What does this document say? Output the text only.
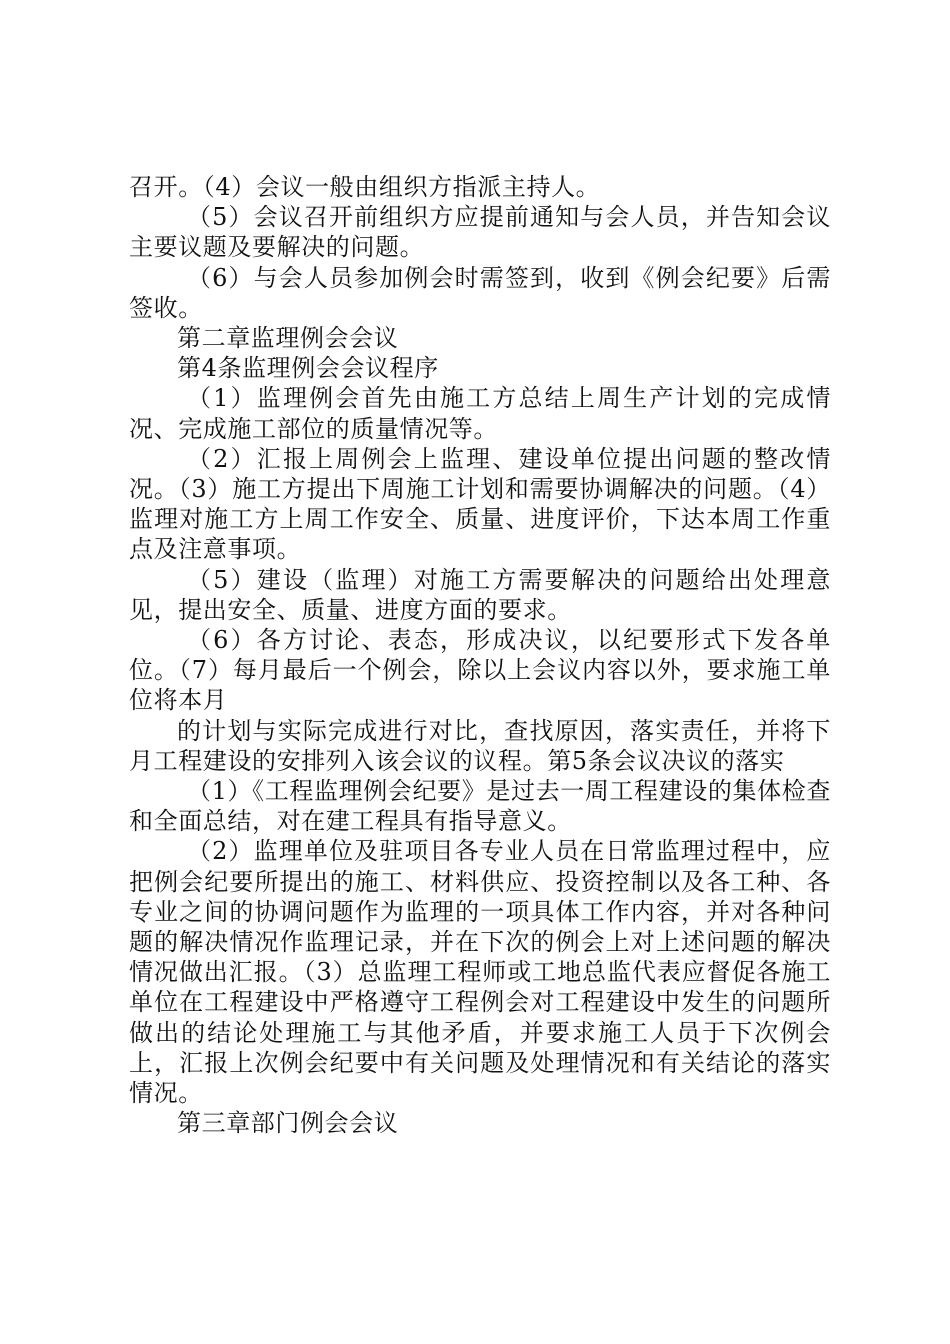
召开。（4）会议一般由组织方指派主持人。

（5）会议召开前组织方应提前通知与会人员，并告知会议主要议题及要解决的问题。

（6）与会人员参加例会时需签到，收到《例会纪要》后需签收。

第二章监理例会会议

第4条监理例会会议程序

（1）监理例会首先由施工方总结上周生产计划的完成情况、完成施工部位的质量情况等。

（2）汇报上周例会上监理、建设单位提出问题的整改情况。（3）施工方提出下周施工计划和需要协调解决的问题。（4）监理对施工方上周工作安全、质量、进度评价，下达本周工作重点及注意事项。

（5）建设（监理）对施工方需要解决的问题给出处理意见，提出安全、质量、进度方面的要求。

（6）各方讨论、表态，形成决议，以纪要形式下发各单位。（7）每月最后一个例会，除以上会议内容以外，要求施工单位将本月

的计划与实际完成进行对比，查找原因，落实责任，并将下月工程建设的安排列入该会议的议程。第5条会议决议的落实

（1）《工程监理例会纪要》是过去一周工程建设的集体检查和全面总结，对在建工程具有指导意义。

（2）监理单位及驻项目各专业人员在日常监理过程中，应把例会纪要所提出的施工、材料供应、投资控制以及各工种、各专业之间的协调问题作为监理的一项具体工作内容，并对各种问题的解决情况作监理记录，并在下次的例会上对上述问题的解决情况做出汇报。（3）总监理工程师或工地总监代表应督促各施工单位在工程建设中严格遵守工程例会对工程建设中发生的问题所做出的结论处理施工与其他矛盾，并要求施工人员于下次例会上，汇报上次例会纪要中有关问题及处理情况和有关结论的落实情况。

第三章部门例会会议
